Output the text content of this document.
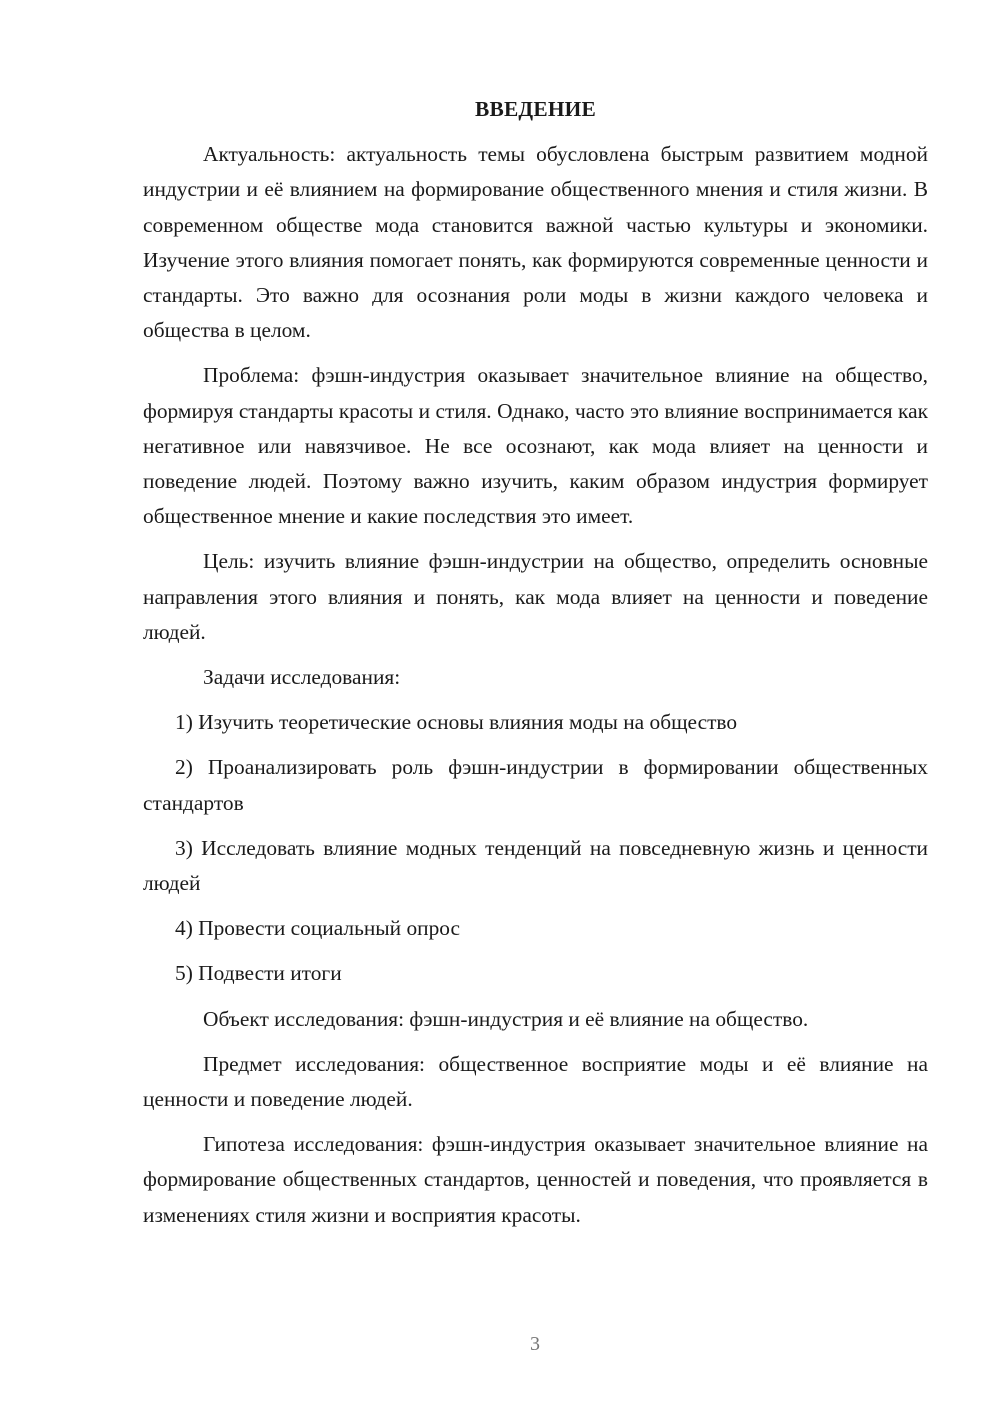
ВВЕДЕНИЕ

Актуальность: актуальность темы обусловлена быстрым развитием модной индустрии и её влиянием на формирование общественного мнения и стиля жизни. В современном обществе мода становится важной частью культуры и экономики. Изучение этого влияния помогает понять, как формируются современные ценности и стандарты. Это важно для осознания роли моды в жизни каждого человека и общества в целом.

Проблема: фэшн-индустрия оказывает значительное влияние на общество, формируя стандарты красоты и стиля. Однако, часто это влияние воспринимается как негативное или навязчивое. Не все осознают, как мода влияет на ценности и поведение людей. Поэтому важно изучить, каким образом индустрия формирует общественное мнение и какие последствия это имеет.

Цель: изучить влияние фэшн-индустрии на общество, определить основные направления этого влияния и понять, как мода влияет на ценности и поведение людей.

Задачи исследования:

1) Изучить теоретические основы влияния моды на общество

2) Проанализировать роль фэшн-индустрии в формировании общественных стандартов

3) Исследовать влияние модных тенденций на повседневную жизнь и ценности людей

4) Провести социальный опрос

5) Подвести итоги

Объект исследования: фэшн-индустрия и её влияние на общество.

Предмет исследования: общественное восприятие моды и её влияние на ценности и поведение людей.

Гипотеза исследования: фэшн-индустрия оказывает значительное влияние на формирование общественных стандартов, ценностей и поведения, что проявляется в изменениях стиля жизни и восприятия красоты.

3
